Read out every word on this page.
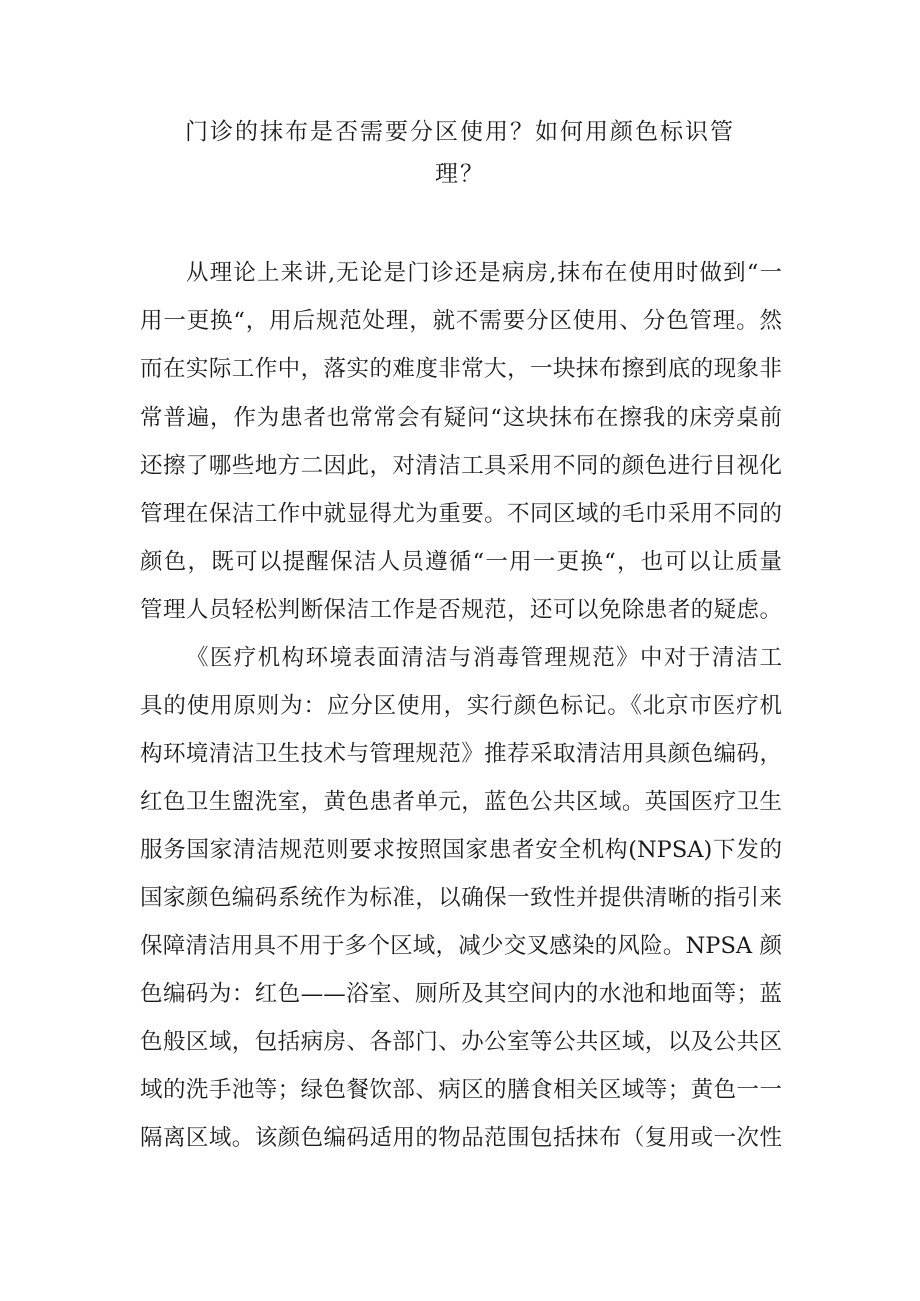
门诊的抹布是否需要分区使用？如何用颜色标识管
理？
从理论上来讲,无论是门诊还是病房,抹布在使用时做到“一
用一更换“，用后规范处理，就不需要分区使用、分色管理。然
而在实际工作中，落实的难度非常大，一块抹布擦到底的现象非
常普遍，作为患者也常常会有疑问“这块抹布在擦我的床旁桌前
还擦了哪些地方二因此，对清洁工具采用不同的颜色进行目视化
管理在保洁工作中就显得尤为重要。不同区域的毛巾采用不同的
颜色，既可以提醒保洁人员遵循“一用一更换“，也可以让质量
管理人员轻松判断保洁工作是否规范，还可以免除患者的疑虑。
《医疗机构环境表面清洁与消毒管理规范》中对于清洁工
具的使用原则为：应分区使用，实行颜色标记。《北京市医疗机
构环境清洁卫生技术与管理规范》推荐采取清洁用具颜色编码，
红色卫生盥洗室，黄色患者单元，蓝色公共区域。英国医疗卫生
服务国家清洁规范则要求按照国家患者安全机构(NPSA)下发的
国家颜色编码系统作为标准，以确保一致性并提供清晰的指引来
保障清洁用具不用于多个区域，减少交叉感染的风险。NPSA 颜
色编码为：红色——浴室、厕所及其空间内的水池和地面等；蓝
色般区域，包括病房、各部门、办公室等公共区域，以及公共区
域的洗手池等；绿色餐饮部、病区的膳食相关区域等；黄色一一
隔离区域。该颜色编码适用的物品范围包括抹布（复用或一次性
